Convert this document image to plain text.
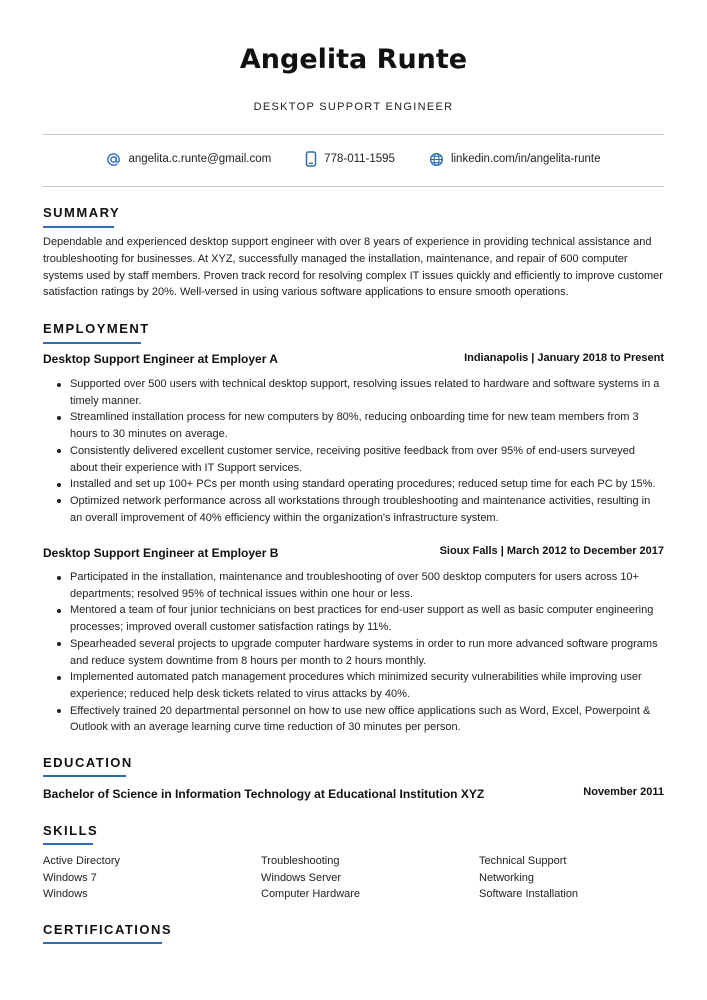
Angelita Runte
DESKTOP SUPPORT ENGINEER
angelita.c.runte@gmail.com	778-011-1595	linkedin.com/in/angelita-runte
SUMMARY
Dependable and experienced desktop support engineer with over 8 years of experience in providing technical assistance and troubleshooting for businesses. At XYZ, successfully managed the installation, maintenance, and repair of 600 computer systems used by staff members. Proven track record for resolving complex IT issues quickly and efficiently to improve customer satisfaction ratings by 20%. Well-versed in using various software applications to ensure smooth operations.
EMPLOYMENT
Desktop Support Engineer at Employer A	Indianapolis | January 2018 to Present
Supported over 500 users with technical desktop support, resolving issues related to hardware and software systems in a timely manner.
Streamlined installation process for new computers by 80%, reducing onboarding time for new team members from 3 hours to 30 minutes on average.
Consistently delivered excellent customer service, receiving positive feedback from over 95% of end-users surveyed about their experience with IT Support services.
Installed and set up 100+ PCs per month using standard operating procedures; reduced setup time for each PC by 15%.
Optimized network performance across all workstations through troubleshooting and maintenance activities, resulting in an overall improvement of 40% efficiency within the organization's infrastructure system.
Desktop Support Engineer at Employer B	Sioux Falls | March 2012 to December 2017
Participated in the installation, maintenance and troubleshooting of over 500 desktop computers for users across 10+ departments; resolved 95% of technical issues within one hour or less.
Mentored a team of four junior technicians on best practices for end-user support as well as basic computer engineering processes; improved overall customer satisfaction ratings by 11%.
Spearheaded several projects to upgrade computer hardware systems in order to run more advanced software programs and reduce system downtime from 8 hours per month to 2 hours monthly.
Implemented automated patch management procedures which minimized security vulnerabilities while improving user experience; reduced help desk tickets related to virus attacks by 40%.
Effectively trained 20 departmental personnel on how to use new office applications such as Word, Excel, Powerpoint & Outlook with an average learning curve time reduction of 30 minutes per person.
EDUCATION
Bachelor of Science in Information Technology at Educational Institution XYZ	November 2011
SKILLS
Active Directory	Troubleshooting	Technical Support
Windows 7	Windows Server	Networking
Windows	Computer Hardware	Software Installation
CERTIFICATIONS
